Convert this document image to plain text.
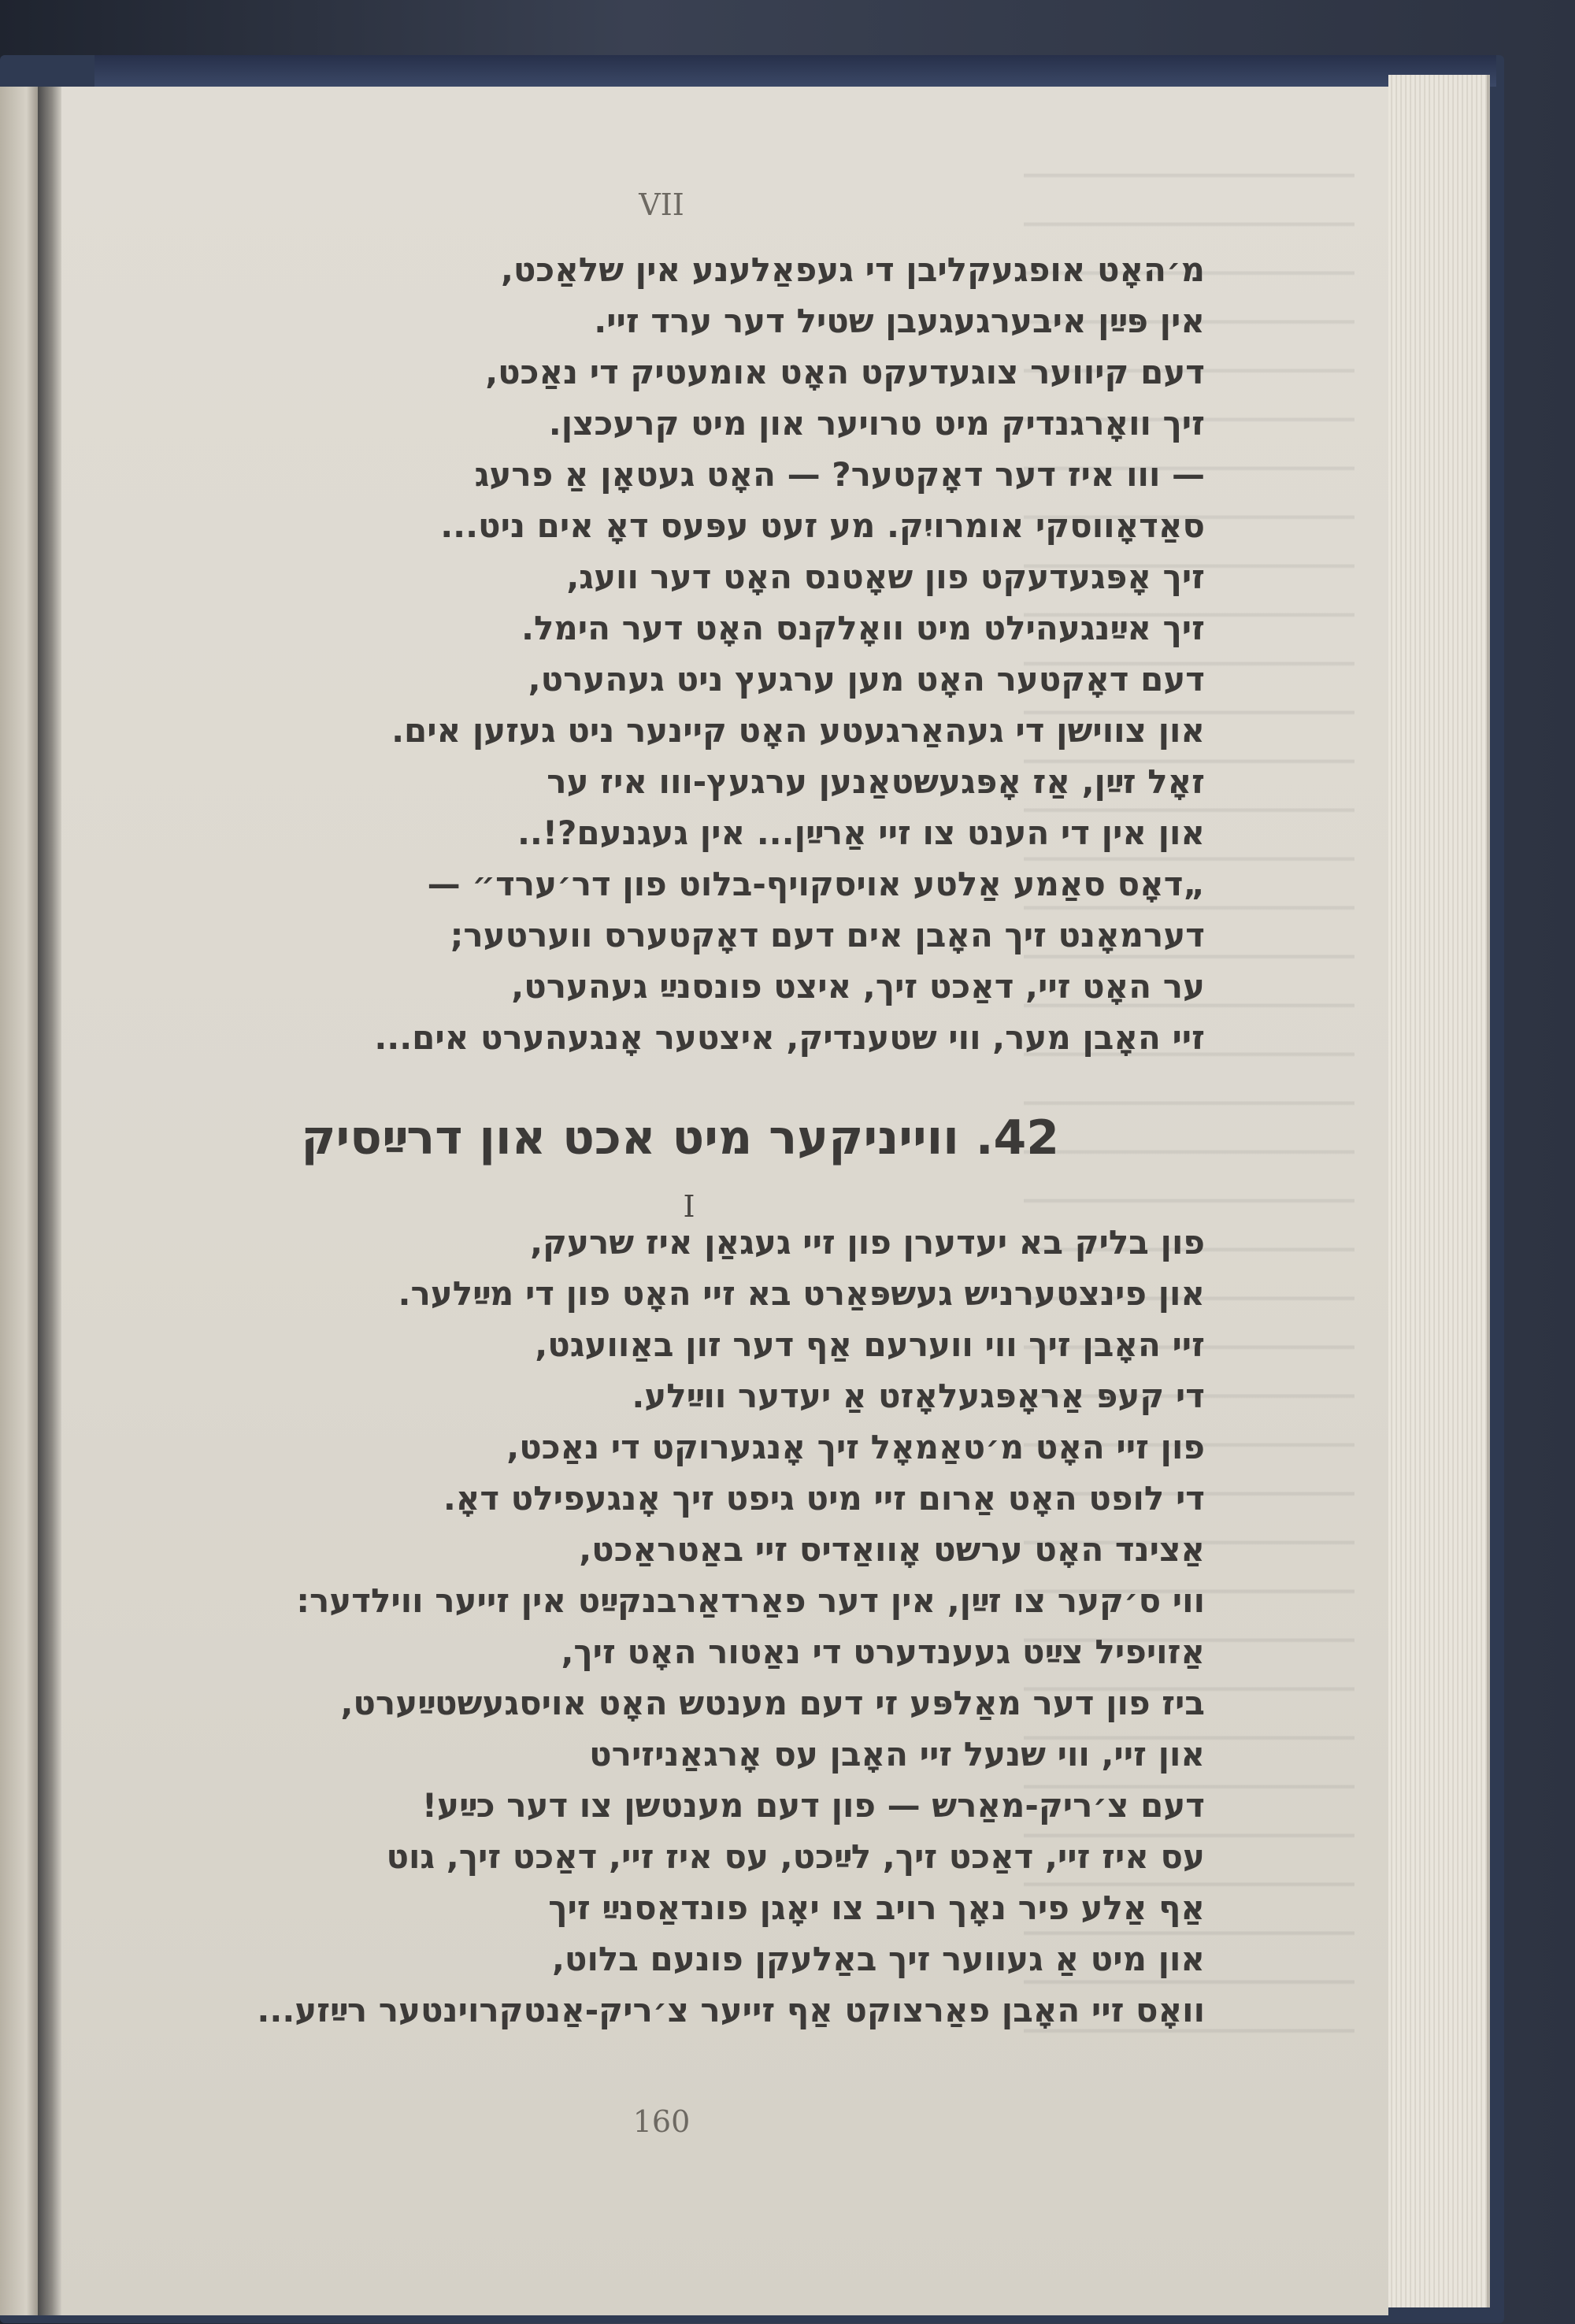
VII
מ׳האָט אופגעקליבן די געפאַלענע אין שלאַכט,
אין פּײַן איבערגעגעבן שטיל דער ערד זיי.
דעם קיווער צוגעדעקט האָט אומעטיק די נאַכט,
זיך וואָרגנדיק מיט טרויער און מיט קרעכצן.
— ווו איז דער דאָקטער? — האָט געטאָן אַ פרעג
סאַדאָווסקי אומרויִק. מע זעט עפּעס דאָ אים ניט...
זיך אָפּגעדעקט פון שאָטנס האָט דער וועג,
זיך אײַנגעהילט מיט וואָלקנס האָט דער הימל.
דעם דאָקטער האָט מען ערגעץ ניט געהערט,
און צווישן די געהאַרגעטע האָט קיינער ניט געזען אים.
זאָל זײַן, אַז אָפּגעשטאַנען ערגעץ-ווו איז ער
און אין די הענט צו זיי אַרײַן... אין געגנעם?!..
„דאָס סאַמע אַלטע אויסקויף-בלוט פון דר׳ערד״ —
דערמאָנט זיך האָבן אים דעם דאָקטערס ווערטער;
ער האָט זיי, דאַכט זיך, איצט פונסנײַ געהערט,
זיי האָבן מער, ווי שטענדיק, איצטער אָנגעהערט אים...
42. ווייניקער מיט אכט און דרײַסיק
I
פון בליק בא יעדערן פון זיי געגאַן איז שרעק,
און פינצטערניש געשפּאַרט בא זיי האָט פון די מײַלער.
זיי האָבן זיך ווי ווערעם אַף דער זון באַוועגט,
די קעפּ אַראָפּגעלאָזט אַ יעדער ווײַלע.
פון זיי האָט מ׳טאַמאָל זיך אָנגערוקט די נאַכט,
די לופט האָט אַרום זיי מיט גיפט זיך אָנגעפילט דאָ.
אַצינד האָט ערשט אָוואַדיס זיי באַטראַכט,
ווי ס׳קער צו זײַן, אין דער פאַרדאַרבנקײַט אין זייער ווילדער:
אַזויפיל צײַט געענדערט די נאַטור האָט זיך,
ביז פון דער מאַלפּע זי דעם מענטש האָט אויסגעשטײַערט,
און זיי, ווי שנעל זיי האָבן עס אָרגאַניזירט
דעם צ׳ריק-מאַרש — פון דעם מענטשן צו דער כײַע!
עס איז זיי, דאַכט זיך, לײַכט, עס איז זיי, דאַכט זיך, גוט
אַף אַלע פיר נאָך רויב צו יאָגן פונדאַסנײַ זיך
און מיט אַ געווער זיך באַלעקן פונעם בלוט,
וואָס זיי האָבן פאַרצוקט אַף זייער צ׳ריק-אַנטקרוינטער רײַזע...
160
